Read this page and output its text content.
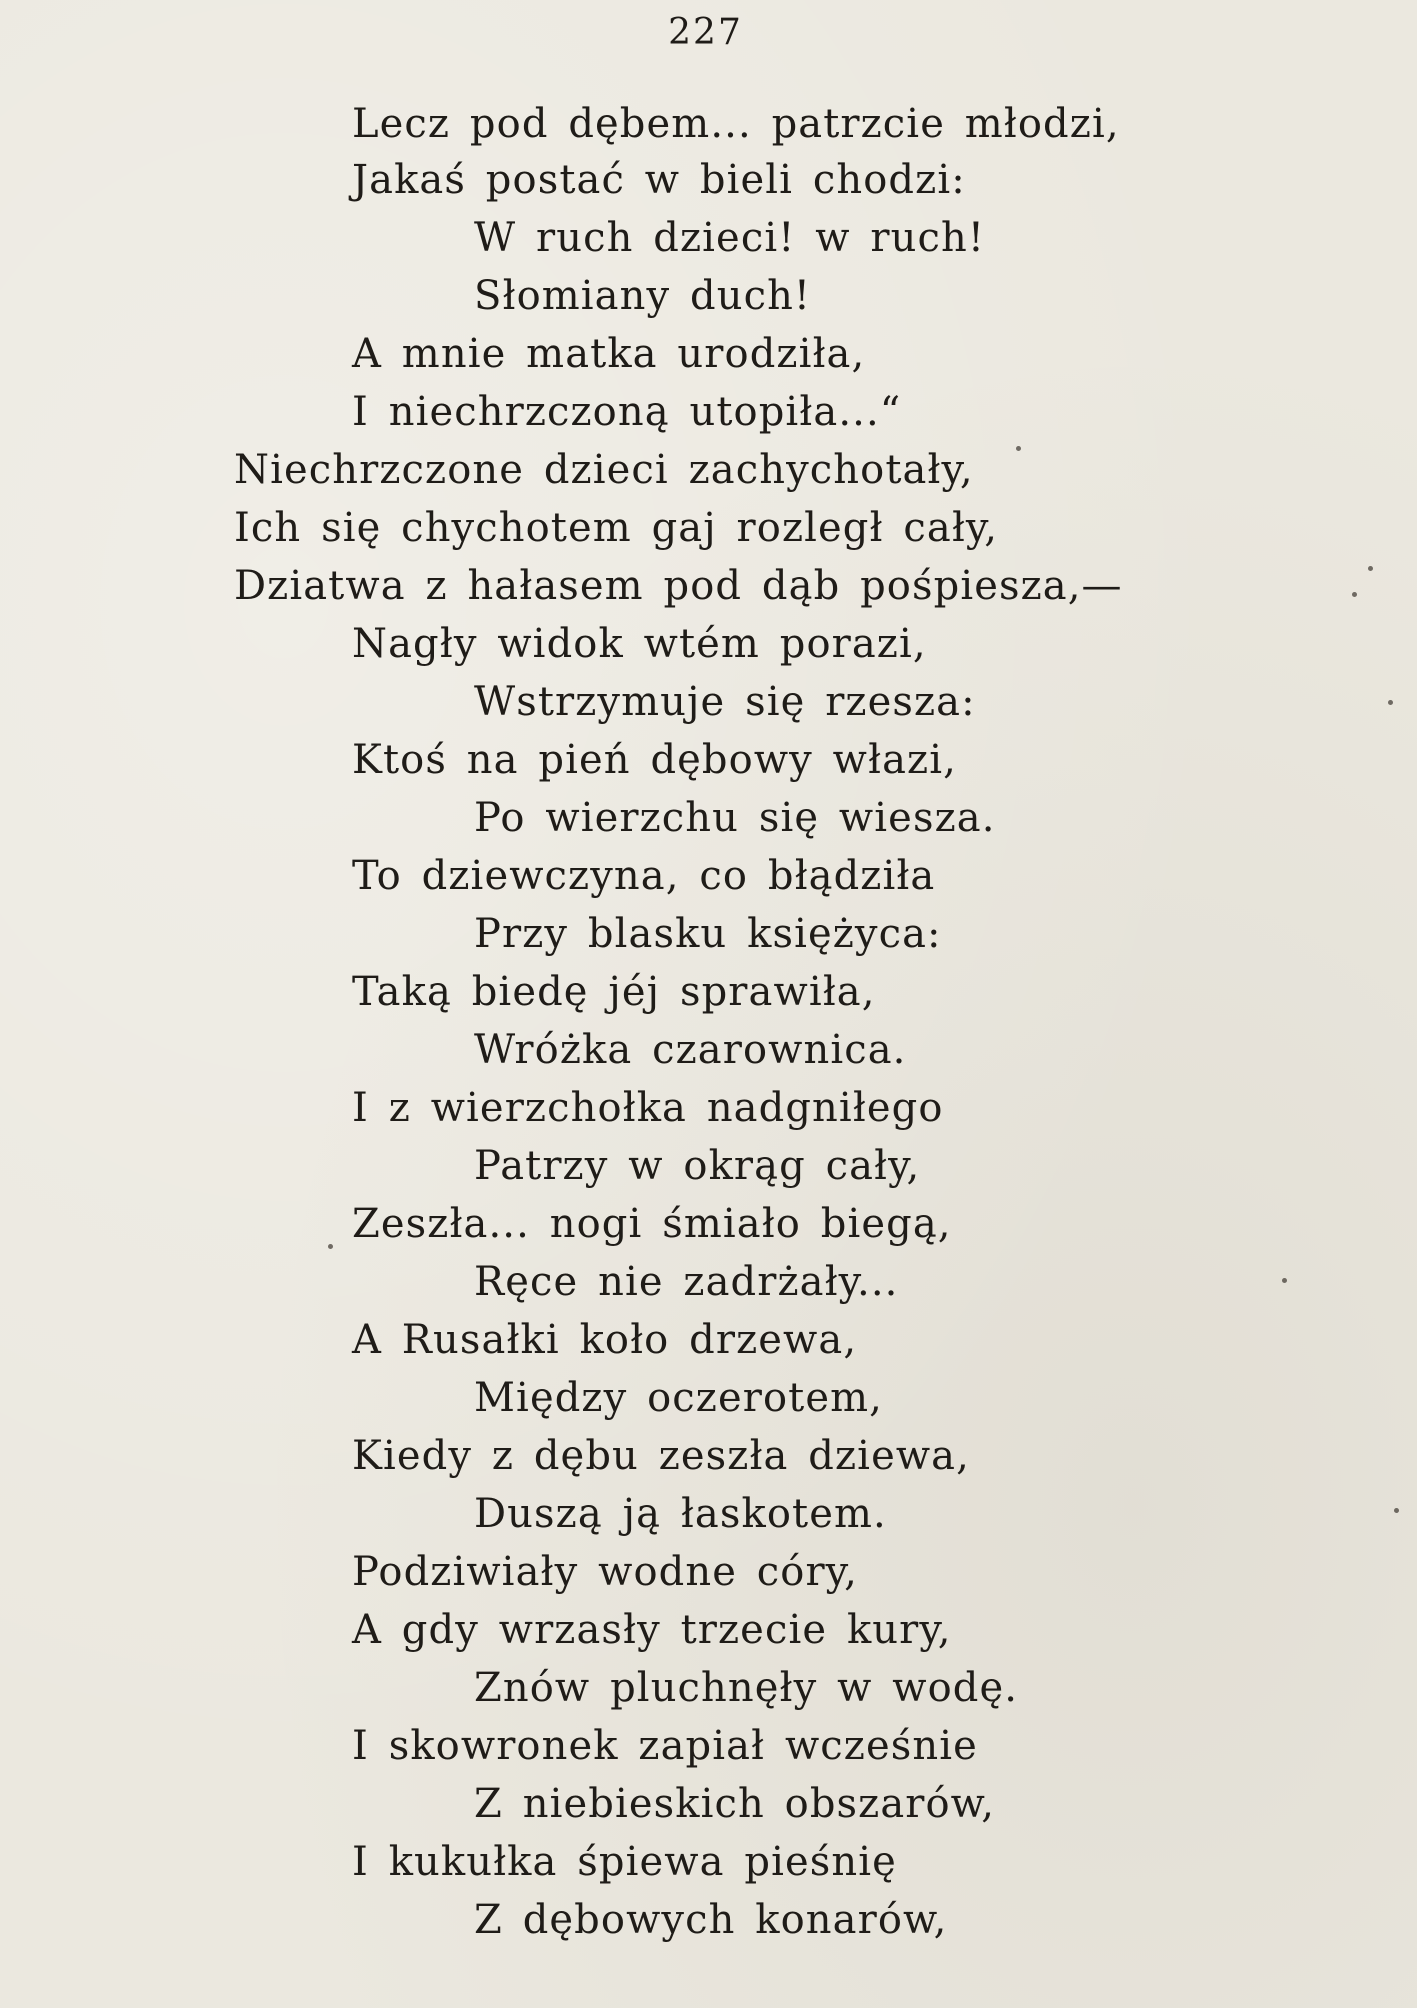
227
Lecz pod dębem... patrzcie młodzi,
Jakaś postać w bieli chodzi:
W ruch dzieci! w ruch!
Słomiany duch!
A mnie matka urodziła,
I niechrzczoną utopiła...“
Niechrzczone dzieci zachychotały,
Ich się chychotem gaj rozległ cały,
Dziatwa z hałasem pod dąb pośpiesza,—
Nagły widok wtém porazi,
Wstrzymuje się rzesza:
Ktoś na pień dębowy włazi,
Po wierzchu się wiesza.
To dziewczyna, co błądziła
Przy blasku księżyca:
Taką biedę jéj sprawiła,
Wróżka czarownica.
I z wierzchołka nadgniłego
Patrzy w okrąg cały,
Zeszła... nogi śmiało biegą,
Ręce nie zadrżały...
A Rusałki koło drzewa,
Między oczerotem,
Kiedy z dębu zeszła dziewa,
Duszą ją łaskotem.
Podziwiały wodne córy,
A gdy wrzasły trzecie kury,
Znów pluchnęły w wodę.
I skowronek zapiał wcześnie
Z niebieskich obszarów,
I kukułka śpiewa pieśnię
Z dębowych konarów,
